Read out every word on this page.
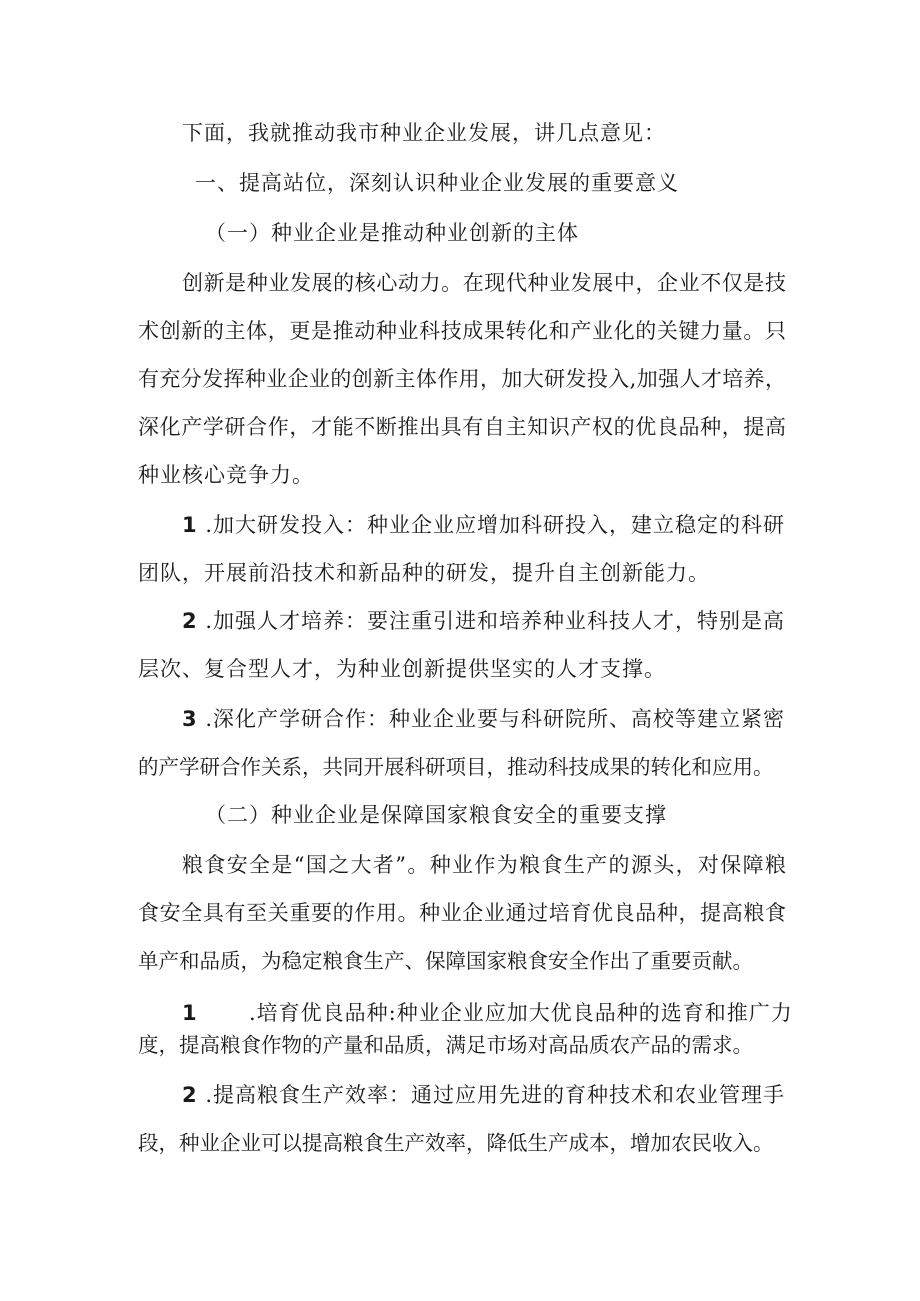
下面，我就推动我市种业企业发展，讲几点意见：
一、提高站位，深刻认识种业企业发展的重要意义
（一）种业企业是推动种业创新的主体
创新是种业发展的核心动力。在现代种业发展中，企业不仅是技
术创新的主体，更是推动种业科技成果转化和产业化的关键力量。只
有充分发挥种业企业的创新主体作用，加大研发投入,加强人才培养，
深化产学研合作，才能不断推出具有自主知识产权的优良品种，提高
种业核心竞争力。
1 .加大研发投入：种业企业应增加科研投入，建立稳定的科研
团队，开展前沿技术和新品种的研发，提升自主创新能力。
2 .加强人才培养：要注重引进和培养种业科技人才，特别是高
层次、复合型人才，为种业创新提供坚实的人才支撑。
3 .深化产学研合作：种业企业要与科研院所、高校等建立紧密
的产学研合作关系，共同开展科研项目，推动科技成果的转化和应用。
（二）种业企业是保障国家粮食安全的重要支撑
粮食安全是“国之大者”。种业作为粮食生产的源头，对保障粮
食安全具有至关重要的作用。种业企业通过培育优良品种，提高粮食
单产和品质，为稳定粮食生产、保障国家粮食安全作出了重要贡献。
1 .培育优良品种:种业企业应加大优良品种的选育和推广力
度，提高粮食作物的产量和品质，满足市场对高品质农产品的需求。
2 .提高粮食生产效率：通过应用先进的育种技术和农业管理手
段，种业企业可以提高粮食生产效率，降低生产成本，增加农民收入。
